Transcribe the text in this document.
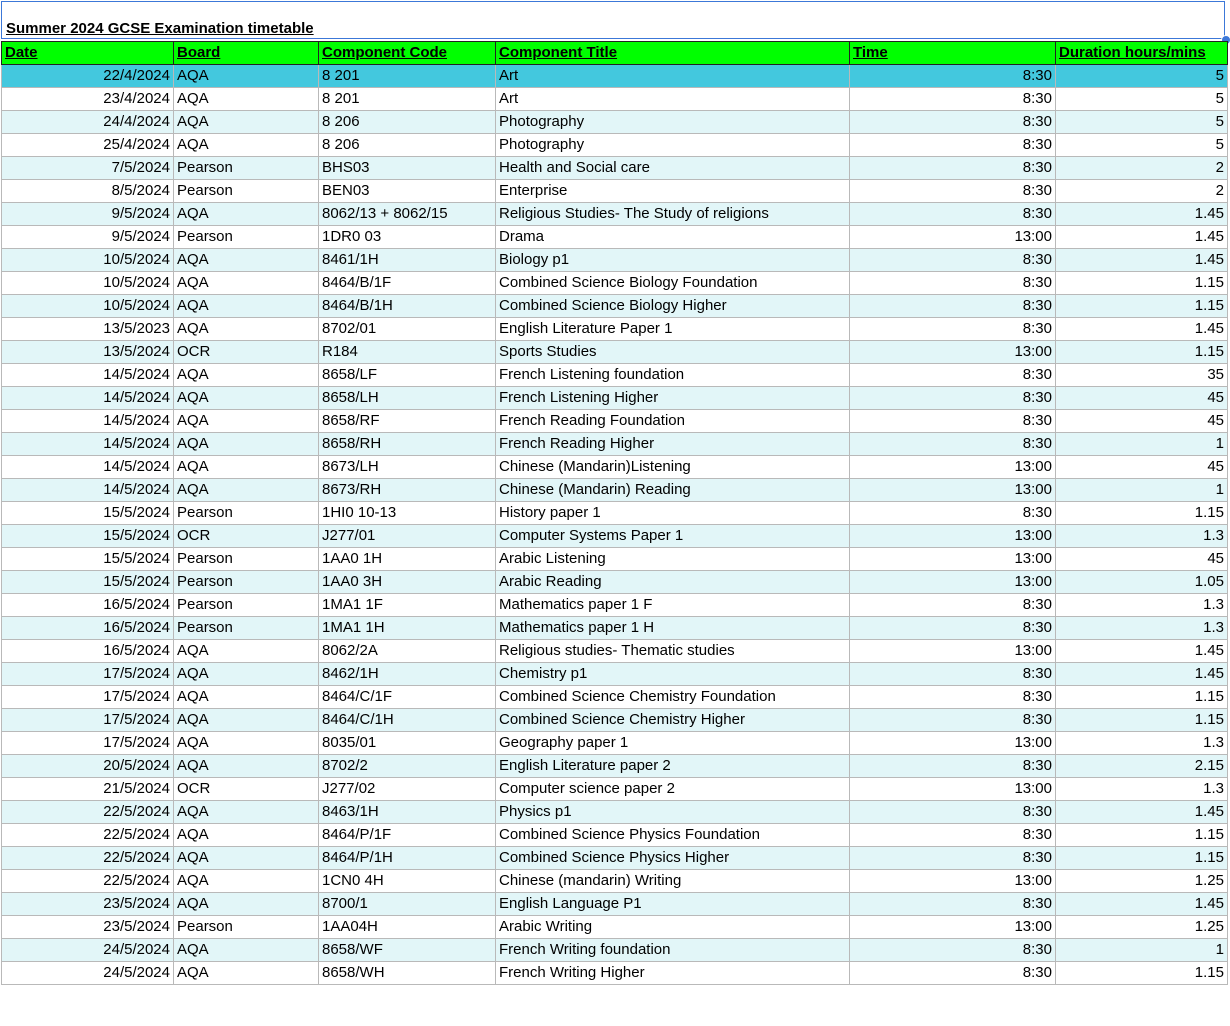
Summer 2024 GCSE Examination timetable
Date	Board	Component Code	Component Title	Time	Duration hours/mins
22/4/2024	AQA	8 201	Art	8:30	5
23/4/2024	AQA	8 201	Art	8:30	5
24/4/2024	AQA	8 206	Photography	8:30	5
25/4/2024	AQA	8 206	Photography	8:30	5
7/5/2024	Pearson	BHS03	Health and Social care	8:30	2
8/5/2024	Pearson	BEN03	Enterprise	8:30	2
9/5/2024	AQA	8062/13 + 8062/15	Religious Studies- The Study of religions	8:30	1.45
9/5/2024	Pearson	1DR0 03	Drama	13:00	1.45
10/5/2024	AQA	8461/1H	Biology p1	8:30	1.45
10/5/2024	AQA	8464/B/1F	Combined Science Biology Foundation	8:30	1.15
10/5/2024	AQA	8464/B/1H	Combined Science Biology Higher	8:30	1.15
13/5/2023	AQA	8702/01	English Literature Paper 1	8:30	1.45
13/5/2024	OCR	R184	Sports Studies	13:00	1.15
14/5/2024	AQA	8658/LF	French Listening foundation	8:30	35
14/5/2024	AQA	8658/LH	French Listening Higher	8:30	45
14/5/2024	AQA	8658/RF	French Reading Foundation	8:30	45
14/5/2024	AQA	8658/RH	French Reading Higher	8:30	1
14/5/2024	AQA	8673/LH	Chinese (Mandarin)Listening	13:00	45
14/5/2024	AQA	8673/RH	Chinese (Mandarin) Reading	13:00	1
15/5/2024	Pearson	1HI0 10-13	History paper 1	8:30	1.15
15/5/2024	OCR	J277/01	Computer Systems Paper 1	13:00	1.3
15/5/2024	Pearson	1AA0 1H	Arabic Listening	13:00	45
15/5/2024	Pearson	1AA0 3H	Arabic Reading	13:00	1.05
16/5/2024	Pearson	1MA1 1F	Mathematics paper 1 F	8:30	1.3
16/5/2024	Pearson	1MA1 1H	Mathematics paper 1 H	8:30	1.3
16/5/2024	AQA	8062/2A	Religious studies- Thematic studies	13:00	1.45
17/5/2024	AQA	8462/1H	Chemistry p1	8:30	1.45
17/5/2024	AQA	8464/C/1F	Combined Science Chemistry Foundation	8:30	1.15
17/5/2024	AQA	8464/C/1H	Combined Science Chemistry Higher	8:30	1.15
17/5/2024	AQA	8035/01	Geography paper 1	13:00	1.3
20/5/2024	AQA	8702/2	English Literature paper 2	8:30	2.15
21/5/2024	OCR	J277/02	Computer science paper 2	13:00	1.3
22/5/2024	AQA	8463/1H	Physics p1	8:30	1.45
22/5/2024	AQA	8464/P/1F	Combined Science Physics Foundation	8:30	1.15
22/5/2024	AQA	8464/P/1H	Combined Science Physics Higher	8:30	1.15
22/5/2024	AQA	1CN0 4H	Chinese (mandarin) Writing	13:00	1.25
23/5/2024	AQA	8700/1	English Language P1	8:30	1.45
23/5/2024	Pearson	1AA04H	Arabic Writing	13:00	1.25
24/5/2024	AQA	8658/WF	French Writing foundation	8:30	1
24/5/2024	AQA	8658/WH	French Writing Higher	8:30	1.15
